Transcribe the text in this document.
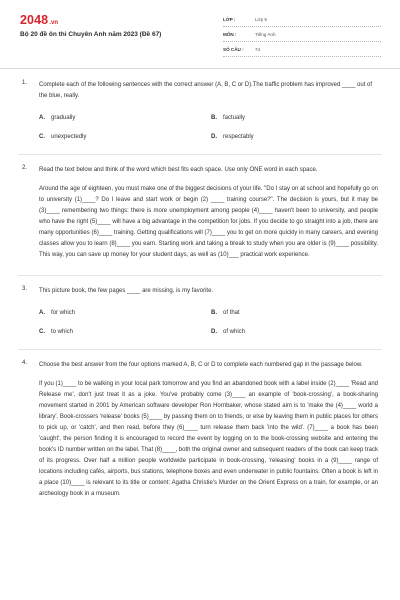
2048.vn
Bộ 20 đề ôn thi Chuyên Anh năm 2023 (Đề 67)
LỚP :	Lớp 9
MÔN :	Tiếng Anh
SỐ CÂU :	74
1. Complete each of the following sentences with the correct answer (A, B, C or D).The traffic problem has improved ____ out of the blue, really.
A. gradually	B. factually
C. unexpectedly	D. respectably
2. Read the text below and think of the word which best fits each space. Use only ONE word in each space.
Around the age of eighteen, you must make one of the biggest decisions of your life. "Do I stay on at school and hopefully go on to university (1)____? Do I leave and start work or begin (2) ____ training course?". The decision is yours, but it may be (3)____ remembering two things: there is more unemployment among people (4)____ haven't been to university, and people who have the right (5)____ will have a big advantage in the competition for jobs. If you decide to go straight into a job, there are many opportunities (6)____ training. Getting qualifications will (7)____ you to get on more quickly in many careers, and evening classes allow you to learn (8)____ you earn. Starting work and taking a break to study when you are older is (9)____ possibility. This way, you can save up money for your student days, as well as (10)___ practical work experience.
3. This picture book, the few pages ____ are missing, is my favorite.
A. for which	B. of that
C. to which	D. of which
4. Choose the best answer from the four options marked A, B, C or D to complete each numbered gap in the passage below.
If you (1)____ to be walking in your local park tomorrow and you find an abandoned book with a label inside (2)____ 'Read and Release me', don't just treat it as a joke. You've probably come (3)____ an example of 'book-crossing', a book-sharing movement started in 2001 by American software developer Ron Hornbaker, whose stated aim is to 'make the (4)____ world a library'. Book-crossers 'release' books (5)____ by passing them on to friends, or else by leaving them in public places for others to pick up, or 'catch', and then read, before they (6)____ turn release them back 'into the wild'. (7)____ a book has been 'caught', the person finding it is encouraged to record the event by logging on to the book-crossing website and entering the book's ID number written on the label. That (8)____, both the original owner and subsequent readers of the book can keep track of its progress. Over half a million people worldwide participate in book-crossing, 'releasing' books in a (9)____ range of locations including cafés, airports, bus stations, telephone boxes and even underwater in public fountains. Often a book is left in a place (10)____ is relevant to its title or content: Agatha Christie's Murder on the Orient Express on a train, for example, or an archeology book in a museum.
